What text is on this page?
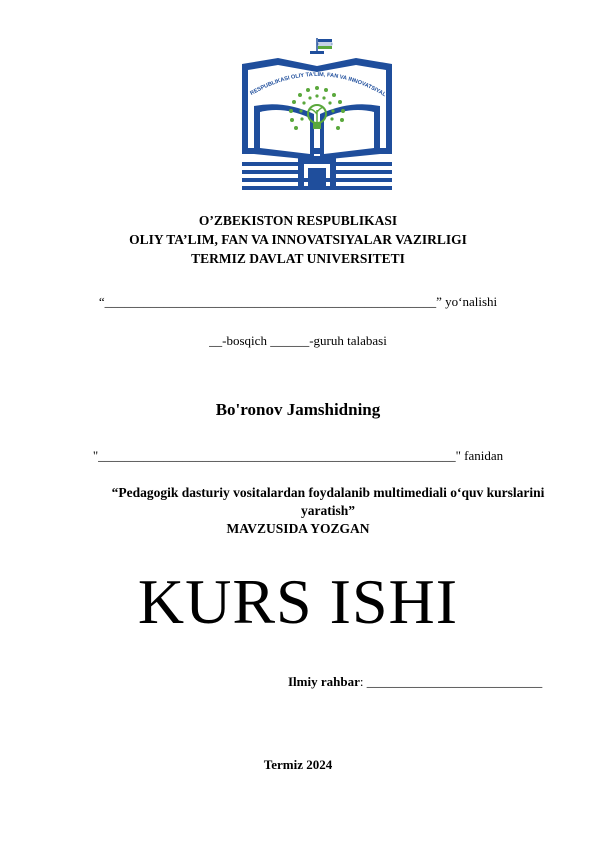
RESPUBLIKASI OLIY TA'LIM, FAN VA INNOVATSIYAL
O’ZBEKISTON RESPUBLIKASI
OLIY TA’LIM, FAN VA INNOVATSIYALAR VAZIRLIGI
TERMIZ DAVLAT UNIVERSITETI
“___________________________________________________” yo‘nalishi
__-bosqich ______-guruh talabasi
Bo'ronov Jamshidning
"_______________________________________________________" fanidan
“Pedagogik dasturiy vositalardan foydalanib multimediali o‘quv kurslarini yaratish”
MAVZUSIDA YOZGAN
KURS ISHI
Ilmiy rahbar: ___________________________
Termiz 2024
